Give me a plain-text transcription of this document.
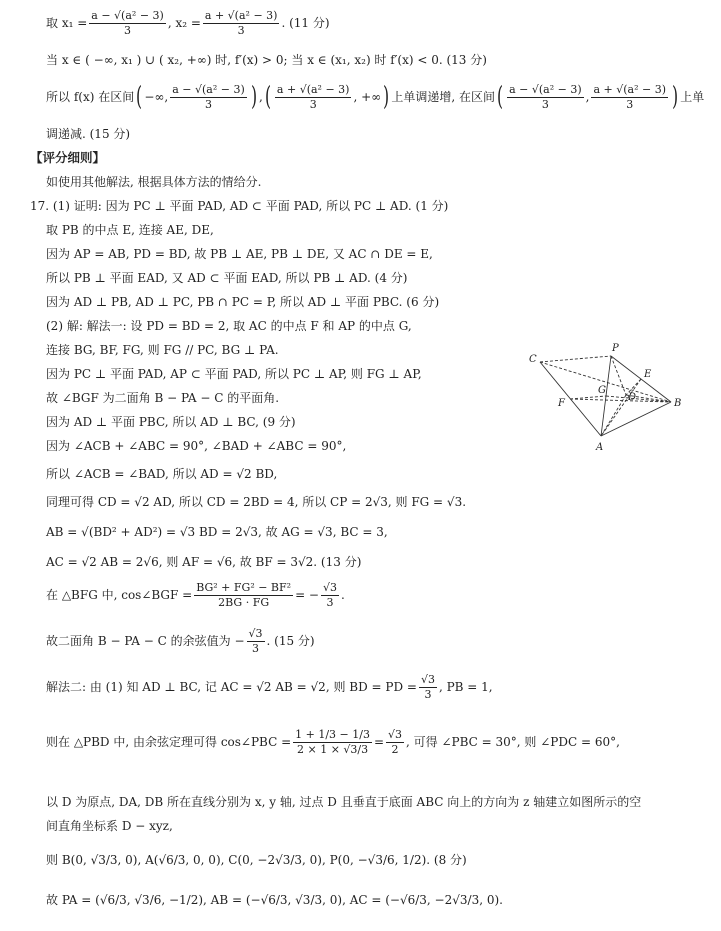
取 x $_1 = \frac{\text{a − √(a² − 3)}}{3}$ , $x_2 = \frac{\text{a + √(a² − 3)}}{3}$ . (11 分)
当 x ∈ ( −∞, x₁ ) ∪ ( x₂, +∞) 时, f′(x) > 0; 当 x ∈ (x₁, x₂) 时 f′(x) < 0. (13 分)
所以 f(x) 在区间 ( −∞, $\frac{\text{a − √(a² − 3)}}{3}$ ) , ( $\frac{\text{a + √(a² − 3)}}{3}$ , +∞ ) 上单调递增, 在区间 ( $\frac{\text{a − √(a² − 3)}}{3}$ , $\frac{\text{a + √(a² − 3)}}{3}$ ) 上单
调递减. (15 分)
【评分细则】
如使用其他解法, 根据具体方法的情给分.
17. (1) 证明: 因为 PC ⊥ 平面 PAD, AD ⊂ 平面 PAD, 所以 PC ⊥ AD. (1 分)
取 PB 的中点 E, 连接 AE, DE,
因为 AP = AB, PD = BD, 故 PB ⊥ AE, PB ⊥ DE, 又 AC ∩ DE = E,
所以 PB ⊥ 平面 EAD, 又 AD ⊂ 平面 EAD, 所以 PB ⊥ AD. (4 分)
因为 AD ⊥ PB, AD ⊥ PC, PB ∩ PC = P, 所以 AD ⊥ 平面 PBC. (6 分)
(2) 解: 解法一: 设 PD = BD = 2, 取 AC 的中点 F 和 AP 的中点 G,
连接 BG, BF, FG, 则 FG // PC, BG ⊥ PA.
因为 PC ⊥ 平面 PAD, AP ⊂ 平面 PAD, 所以 PC ⊥ AP, 则 FG ⊥ AP,
故 ∠BGF 为二面角 B − PA − C 的平面角.
因为 AD ⊥ 平面 PBC, 所以 AD ⊥ BC, (9 分)
因为 ∠ACB + ∠ABC = 90°, ∠BAD + ∠ABC = 90°,
所以 ∠ACB = ∠BAD, 所以 AD = √2 BD,
同理可得 CD = √2 AD, 所以 CD = 2BD = 4, 所以 CP = 2√3, 则 FG = √3.
AB = √(BD² + AD²) = √3 BD = 2√3, 故 AG = √3, BC = 3,
AC = √2 AB = 2√6, 则 AF = √6, 故 BF = 3√2. (13 分)
在 △BFG 中, cos∠BGF = $\frac{\text{BG² + FG² − BF²}}{2BG \cdot FG}$ = − $\frac{√3}{3}$ .
故二面角 B − PA − C 的余弦值为 − $\frac{√3}{3}$ . (15 分)
解法二: 由 (1) 知 AD ⊥ BC, 记 AC = √2 AB = √2, 则 BD = PD = $\frac{√3}{3}$ , PB = 1,
则在 △PBD 中, 由余弦定理可得 cos∠PBC = $\frac{1 + 1/3 - 1/3}{2 \times 1 \times √3/3} = \frac{√3}{2}$ , 可得 ∠PBC = 30°, 则 ∠PDC = 60°,
以 D 为原点, DA, DB 所在直线分别为 x, y 轴, 过点 D 且垂直于底面 ABC 向上的方向为 z 轴建立如图所示的空
间直角坐标系 D − xyz,
则 B(0, √3/3, 0), A(√6/3, 0, 0), C(0, −2√3/3, 0), P(0, −√3/6, 1/2). (8 分)
故 PA = (√6/3, √3/6, −1/2), AB = (−√6/3, √3/3, 0), AC = (−√6/3, −2√3/3, 0).
C
P
E
G
D
F	B
A
